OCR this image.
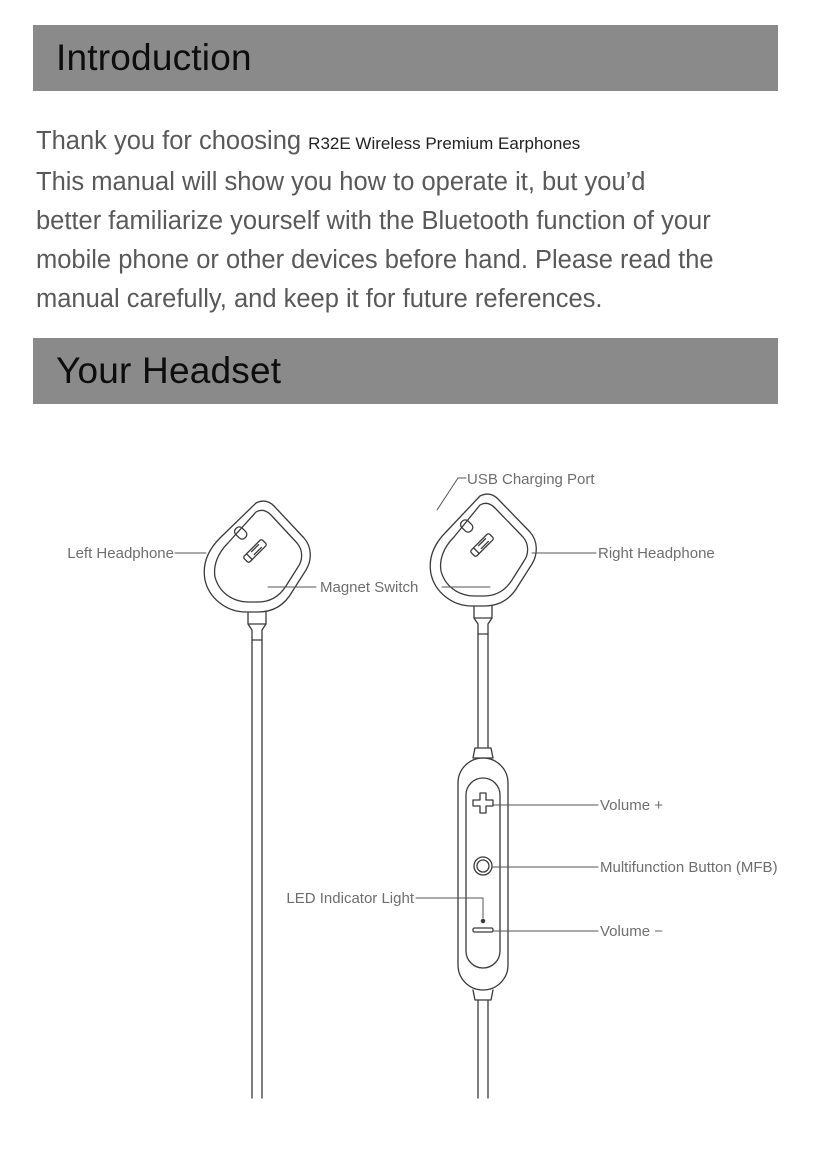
Introduction
Thank you for choosing R32E Wireless Premium Earphones
This manual will show you how to operate it, but you’d
better familiarize yourself with the Bluetooth function of your
mobile phone or other devices before hand. Please read the
manual carefully, and keep it for future references.
Your Headset
USB Charging Port
Left Headphone	Right Headphone
Magnet Switch
Volume +
Multifunction Button (MFB)
LED Indicator Light
Volume −
